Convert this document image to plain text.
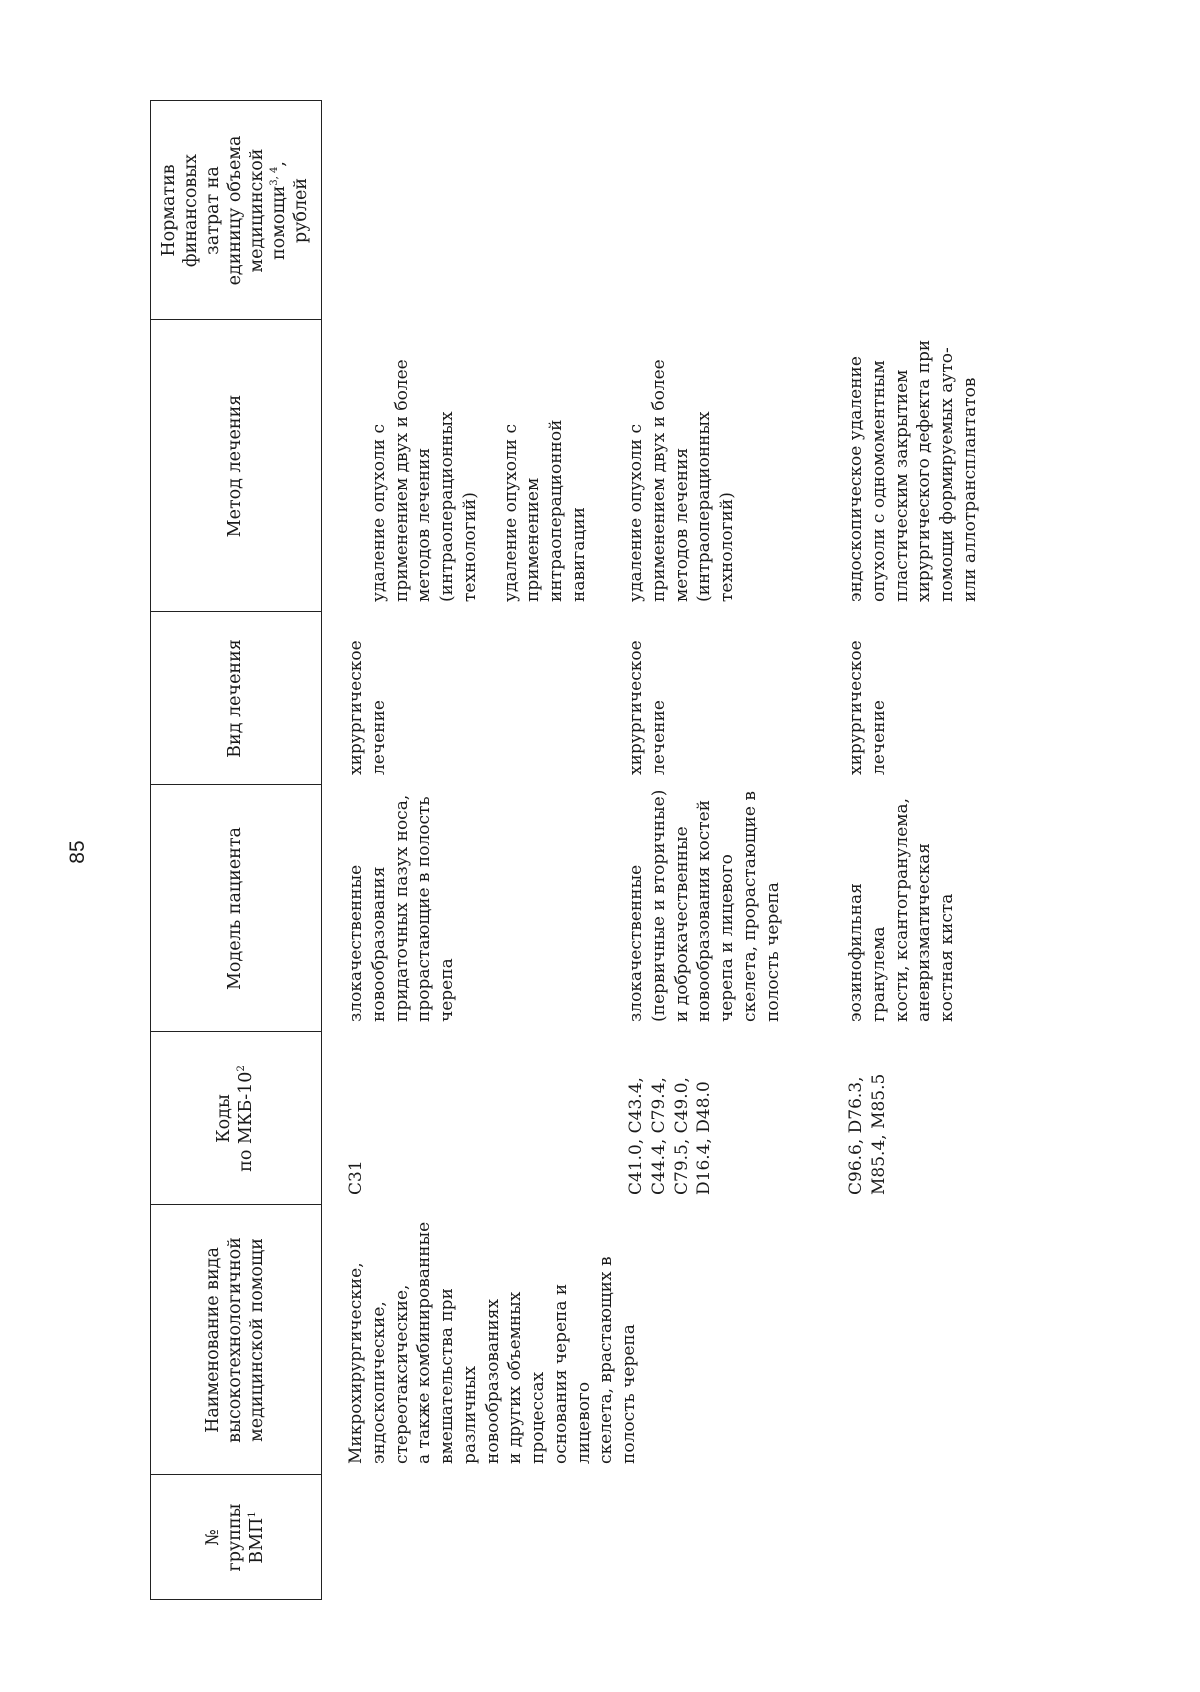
85
№
группы
ВМП$^1$
Наименование вида
высокотехнологичной
медицинской помощи
Коды
по МКБ-$10^2$
Модель пациента
Вид лечения
Метод лечения
Норматив
финансовых
затрат на
единицу объема
медицинской
помощи$^{3, 4}$,
рублей
Микрохирургические,
эндоскопические,
стереотаксические,
а также комбинированные
вмешательства при
различных новообразованиях
и других объемных процессах
основания черепа и лицевого
скелета, врастающих в
полость черепа
C31
злокачественные
новообразования
придаточных пазух носа,
прорастающие в полость
черепа
хирургическое
лечение

удаление опухоли с
применением двух и более
методов лечения
(интраоперационных
технологий) удаление опухоли с
применением
интраоперационной
навигации

C41.0, C43.4,
C44.4, C79.4,
C79.5, C49.0,
D16.4, D48.0
злокачественные
(первичные и вторичные)
и доброкачественные
новообразования костей
черепа и лицевого
скелета, прорастающие в
полость черепа
хирургическое
лечение
удаление опухоли с
применением двух и более
методов лечения
(интраоперационных
технологий)
C96.6, D76.3,
M85.4, M85.5
эозинофильная гранулема
кости, ксантогранулема,
аневризматическая
костная киста
хирургическое
лечение
эндоскопическое удаление
опухоли с одномоментным
пластическим закрытием
хирургического дефекта при
помощи формируемых ауто-
или аллотрансплантатов
